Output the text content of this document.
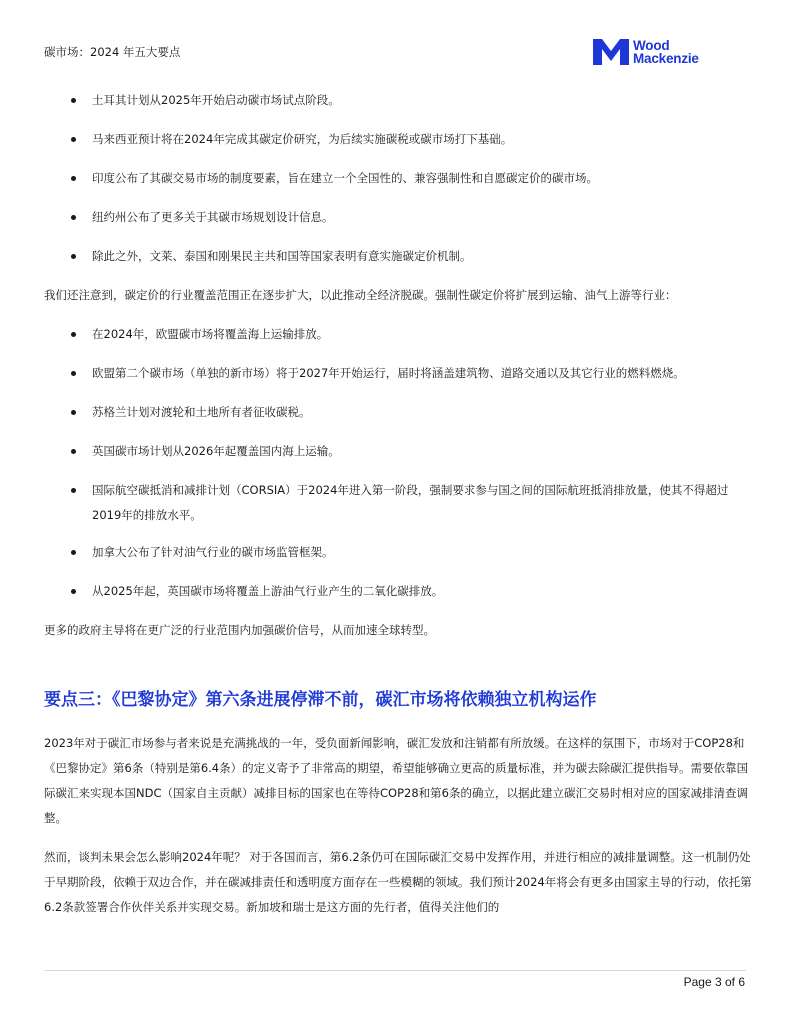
碳市场：2024 年五大要点	Wood
Mackenzie
土耳其计划从2025年开始启动碳市场试点阶段。
马来西亚预计将在2024年完成其碳定价研究，为后续实施碳税或碳市场打下基础。
印度公布了其碳交易市场的制度要素，旨在建立一个全国性的、兼容强制性和自愿碳定价的碳市场。
纽约州公布了更多关于其碳市场规划设计信息。
除此之外，文莱、泰国和刚果民主共和国等国家表明有意实施碳定价机制。

我们还注意到，碳定价的行业覆盖范围正在逐步扩大，以此推动全经济脱碳。强制性碳定价将扩展到运输、油气上游等行业：

在2024年，欧盟碳市场将覆盖海上运输排放。
欧盟第二个碳市场（单独的新市场）将于2027年开始运行，届时将涵盖建筑物、道路交通以及其它行业的燃料燃烧。
苏格兰计划对渡轮和土地所有者征收碳税。
英国碳市场计划从2026年起覆盖国内海上运输。
国际航空碳抵消和减排计划（CORSIA）于2024年进入第一阶段，强制要求参与国之间的国际航班抵消排放量，使其不得超过 2019年的排放水平。
加拿大公布了针对油气行业的碳市场监管框架。
从2025年起，英国碳市场将覆盖上游油气行业产生的二氧化碳排放。

更多的政府主导将在更广泛的行业范围内加强碳价信号，从而加速全球转型。

要点三：《巴黎协定》第六条进展停滞不前，碳汇市场将依赖独立机构运作

2023年对于碳汇市场参与者来说是充满挑战的一年，受负面新闻影响，碳汇发放和注销都有所放缓。在这样的氛围下，市场对于COP28和《巴黎协定》第6条（特别是第6.4条）的定义寄予了非常高的期望，希望能够确立更高的质量标准，并为碳去除碳汇提供指导。需要依靠国际碳汇来实现本国NDC（国家自主贡献）减排目标的国家也在等待COP28和第6条的确立，以据此建立碳汇交易时相对应的国家减排清查调整。

然而，谈判未果会怎么影响2024年呢？ 对于各国而言，第6.2条仍可在国际碳汇交易中发挥作用，并进行相应的减排量调整。这一机制仍处于早期阶段，依赖于双边合作，并在碳减排责任和透明度方面存在一些模糊的领域。我们预计2024年将会有更多由国家主导的行动，依托第6.2条款签署合作伙伴关系并实现交易。新加坡和瑞士是这方面的先行者，值得关注他们的

Page 3 of 6
